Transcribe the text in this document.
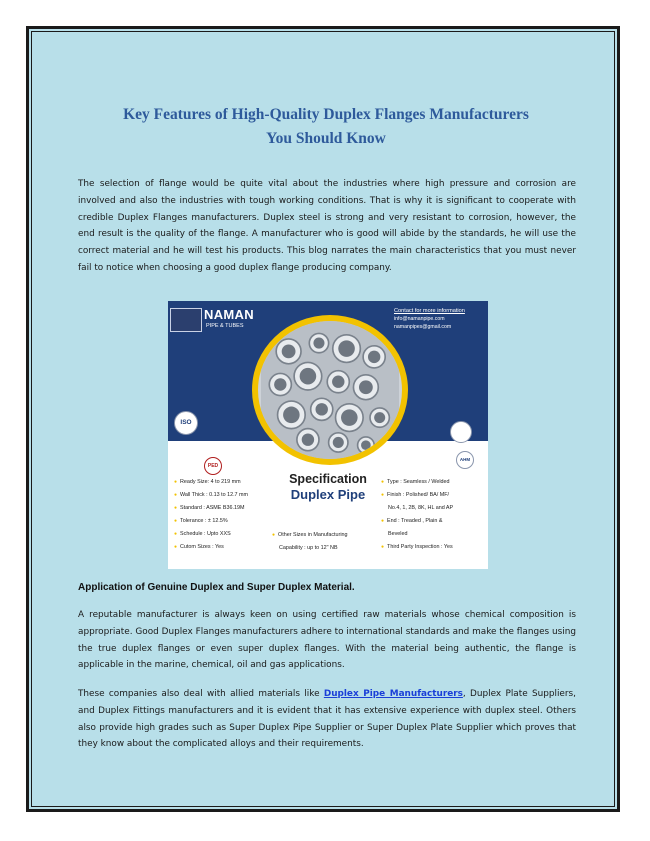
Key Features of High-Quality Duplex Flanges Manufacturers
You Should Know

The selection of flange would be quite vital about the industries where high pressure and corrosion are involved and also the industries with tough working conditions. That is why it is significant to cooperate with credible Duplex Flanges manufacturers. Duplex steel is strong and very resistant to corrosion, however, the end result is the quality of the flange. A manufacturer who is good will abide by the standards, he will use the correct material and he will test his products. This blog narrates the main characteristics that you must never fail to notice when choosing a good duplex flange producing company.

NAMAN
PIPE & TUBES
Contact for more information
info@namanpipe.com
namanpipes@gmail.com
ISO
PED
AHM
Specification
Duplex Pipe
● Ready Size: 4 to 219 mm
● Wall Thick : 0.13 to 12.7 mm
● Standard : ASME B36.19M
● Tolerance : ± 12.5%
● Schedule : Upto XXS
● Cutom Sizes : Yes
● Other Sizes in Manufacturing
Capability : up to 12" NB
● Type : Seamless / Welded
● Finish : Polished/ BA/ MF/
No.4, 1, 2B, 8K, HL and AP
● End : Treaded , Plain &
Beveled
● Third Party Inspection : Yes
Application of Genuine Duplex and Super Duplex Material.

A reputable manufacturer is always keen on using certified raw materials whose chemical composition is appropriate. Good Duplex Flanges manufacturers adhere to international standards and make the flanges using the true duplex flanges or even super duplex flanges. With the material being authentic, the flange is applicable in the marine, chemical, oil and gas applications.

These companies also deal with allied materials like Duplex Pipe Manufacturers, Duplex Plate Suppliers, and Duplex Fittings manufacturers and it is evident that it has extensive experience with duplex steel. Others also provide high grades such as Super Duplex Pipe Supplier or Super Duplex Plate Supplier which proves that they know about the complicated alloys and their requirements.
